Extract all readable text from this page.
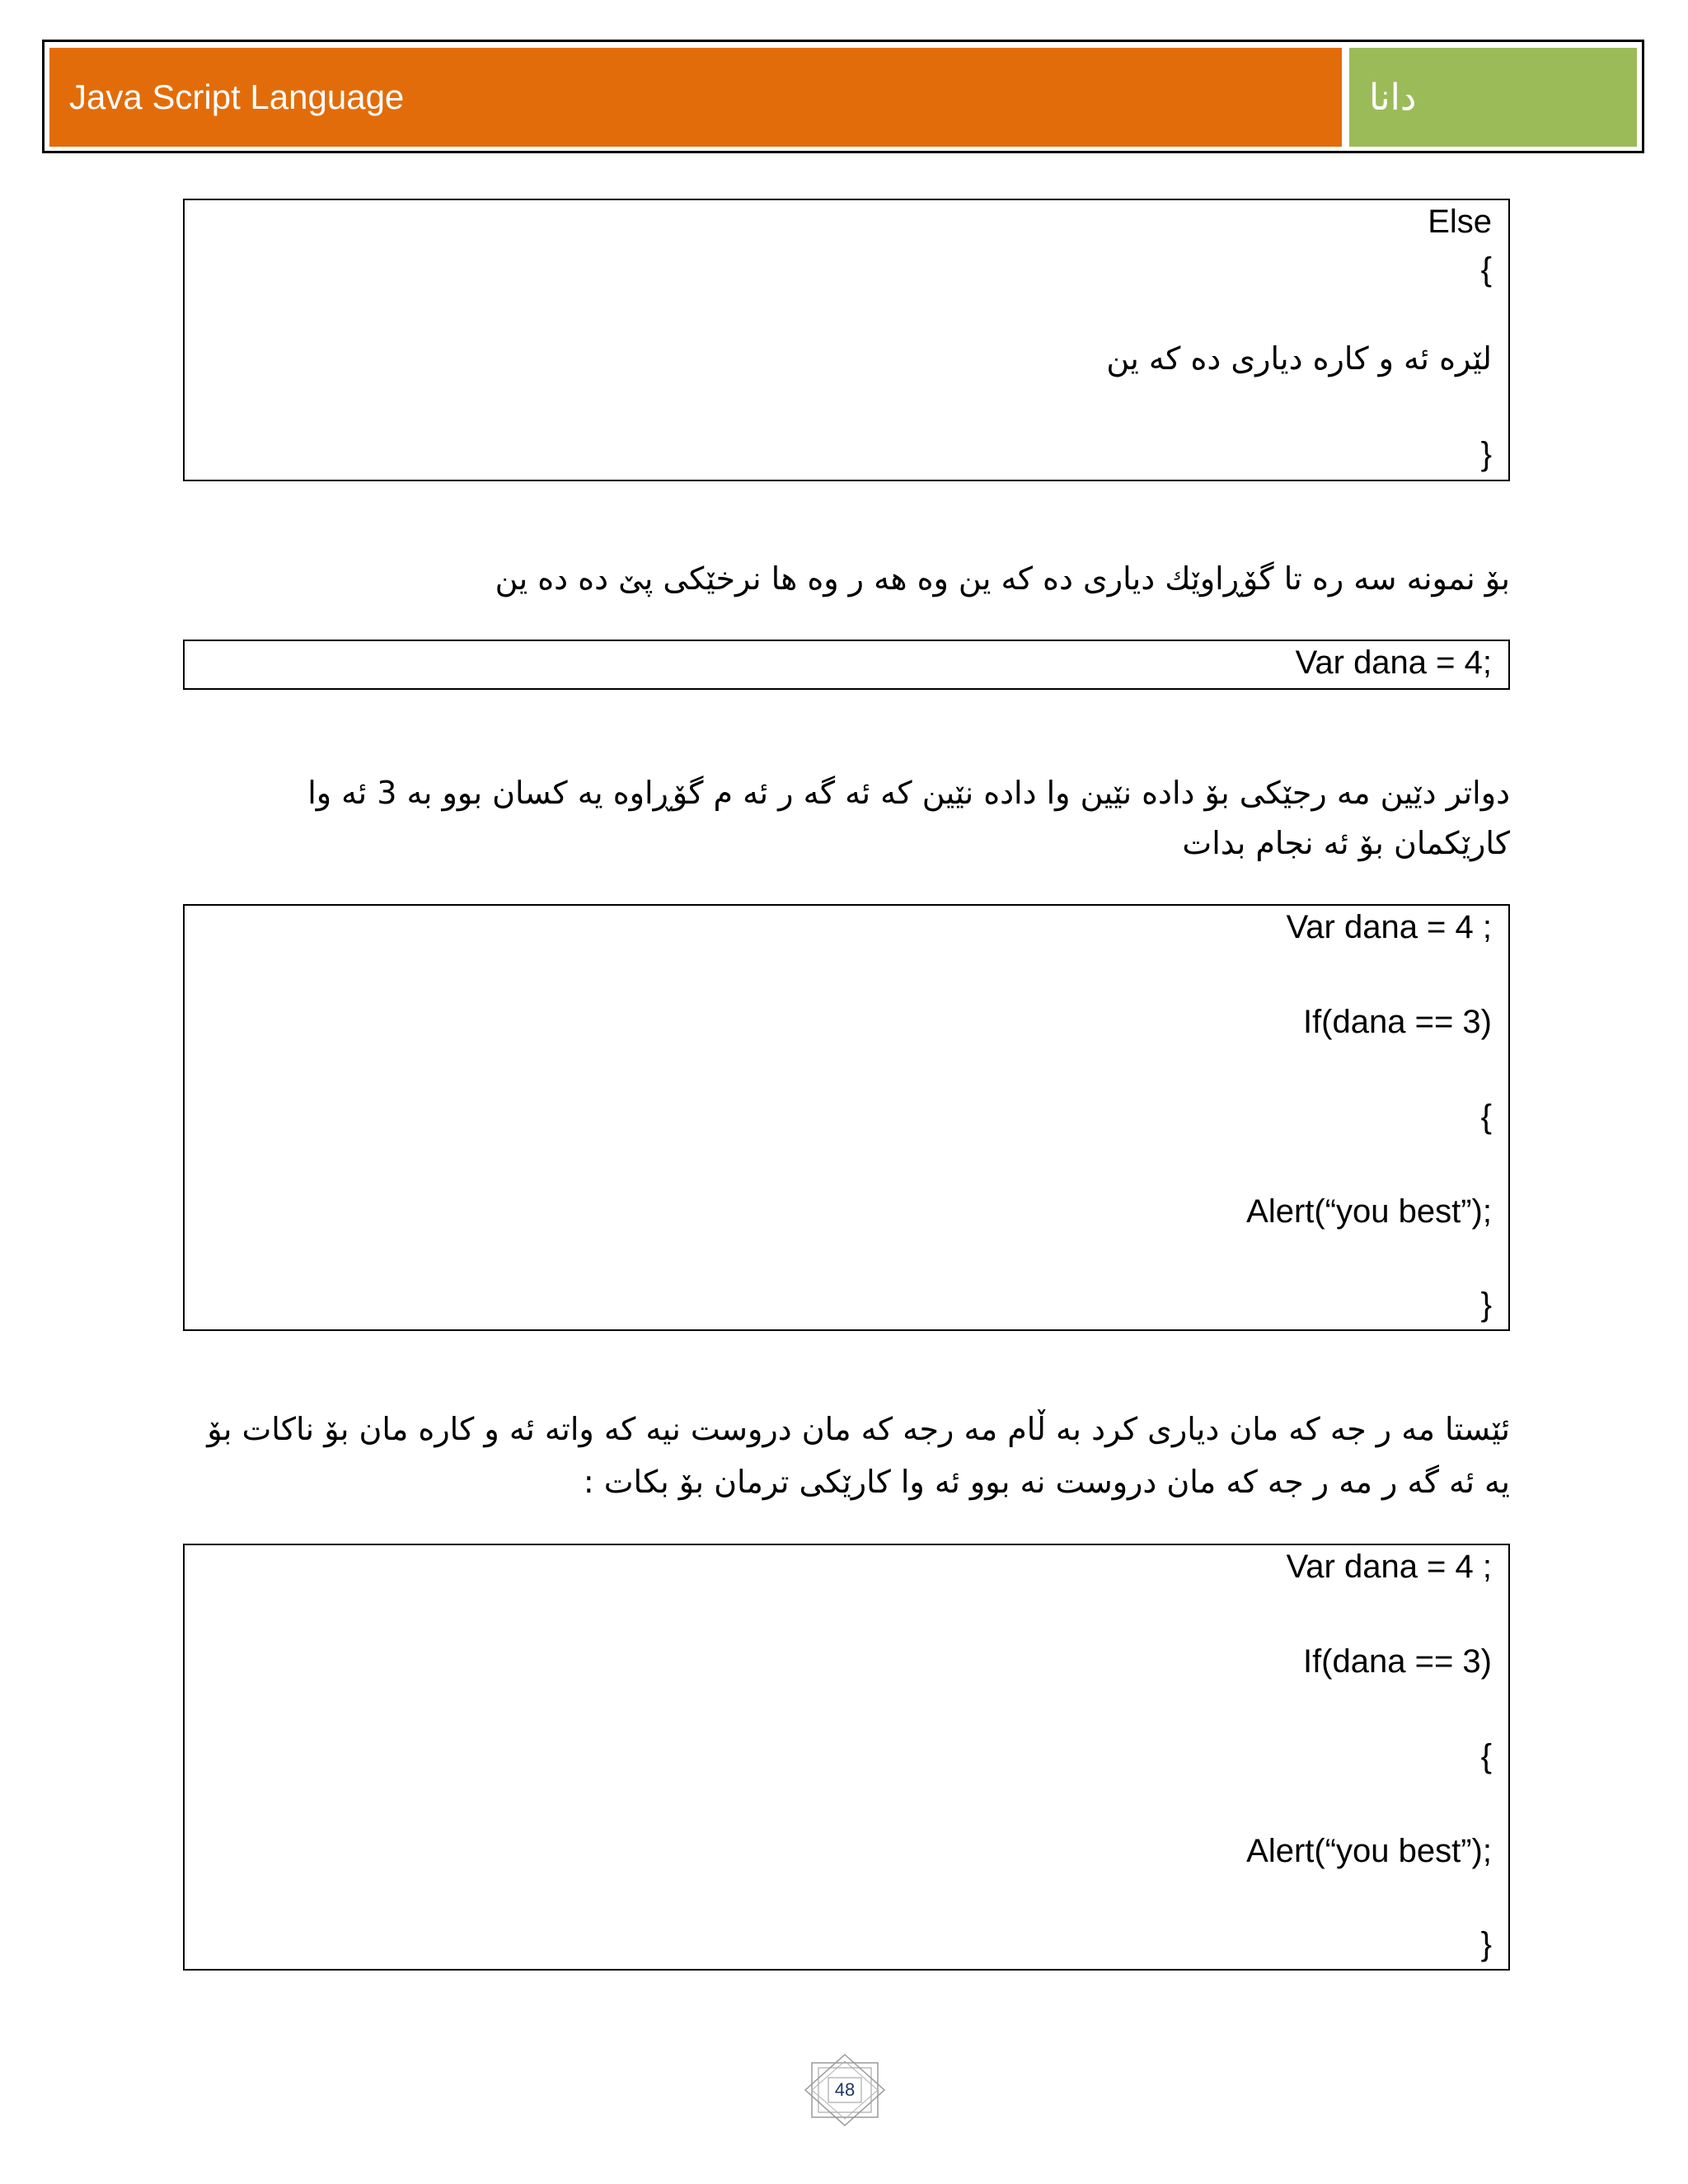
Java Script Language	دانا
Else
{
لێره ئه و كاره دیاری ده كه ین
}
بۆ نمونه سه ره تا گۆڕاوێك دیاری ده كه ین وه هه ر وه ها نرخێكی پێ ده ده ین
Var dana = 4;
دواتر دێین مه رجێكی بۆ داده نێین وا داده نێین كه ئه گه ر ئه م گۆڕاوه یه كسان بوو به 3 ئه وا
كارێكمان بۆ ئه نجام بدات
Var dana = 4 ;
If(dana == 3)
{
Alert(“you best”);
}
ئێستا مه ر جه كه مان دیاری كرد به ڵام مه رجه كه مان دروست نیه كه واته ئه و كاره مان بۆ ناكات بۆ
یه ئه گه ر مه ر جه كه مان دروست نه بوو ئه وا كارێكی ترمان بۆ بكات :
Var dana = 4 ;
If(dana == 3)
{
Alert(“you best”);
}
48
